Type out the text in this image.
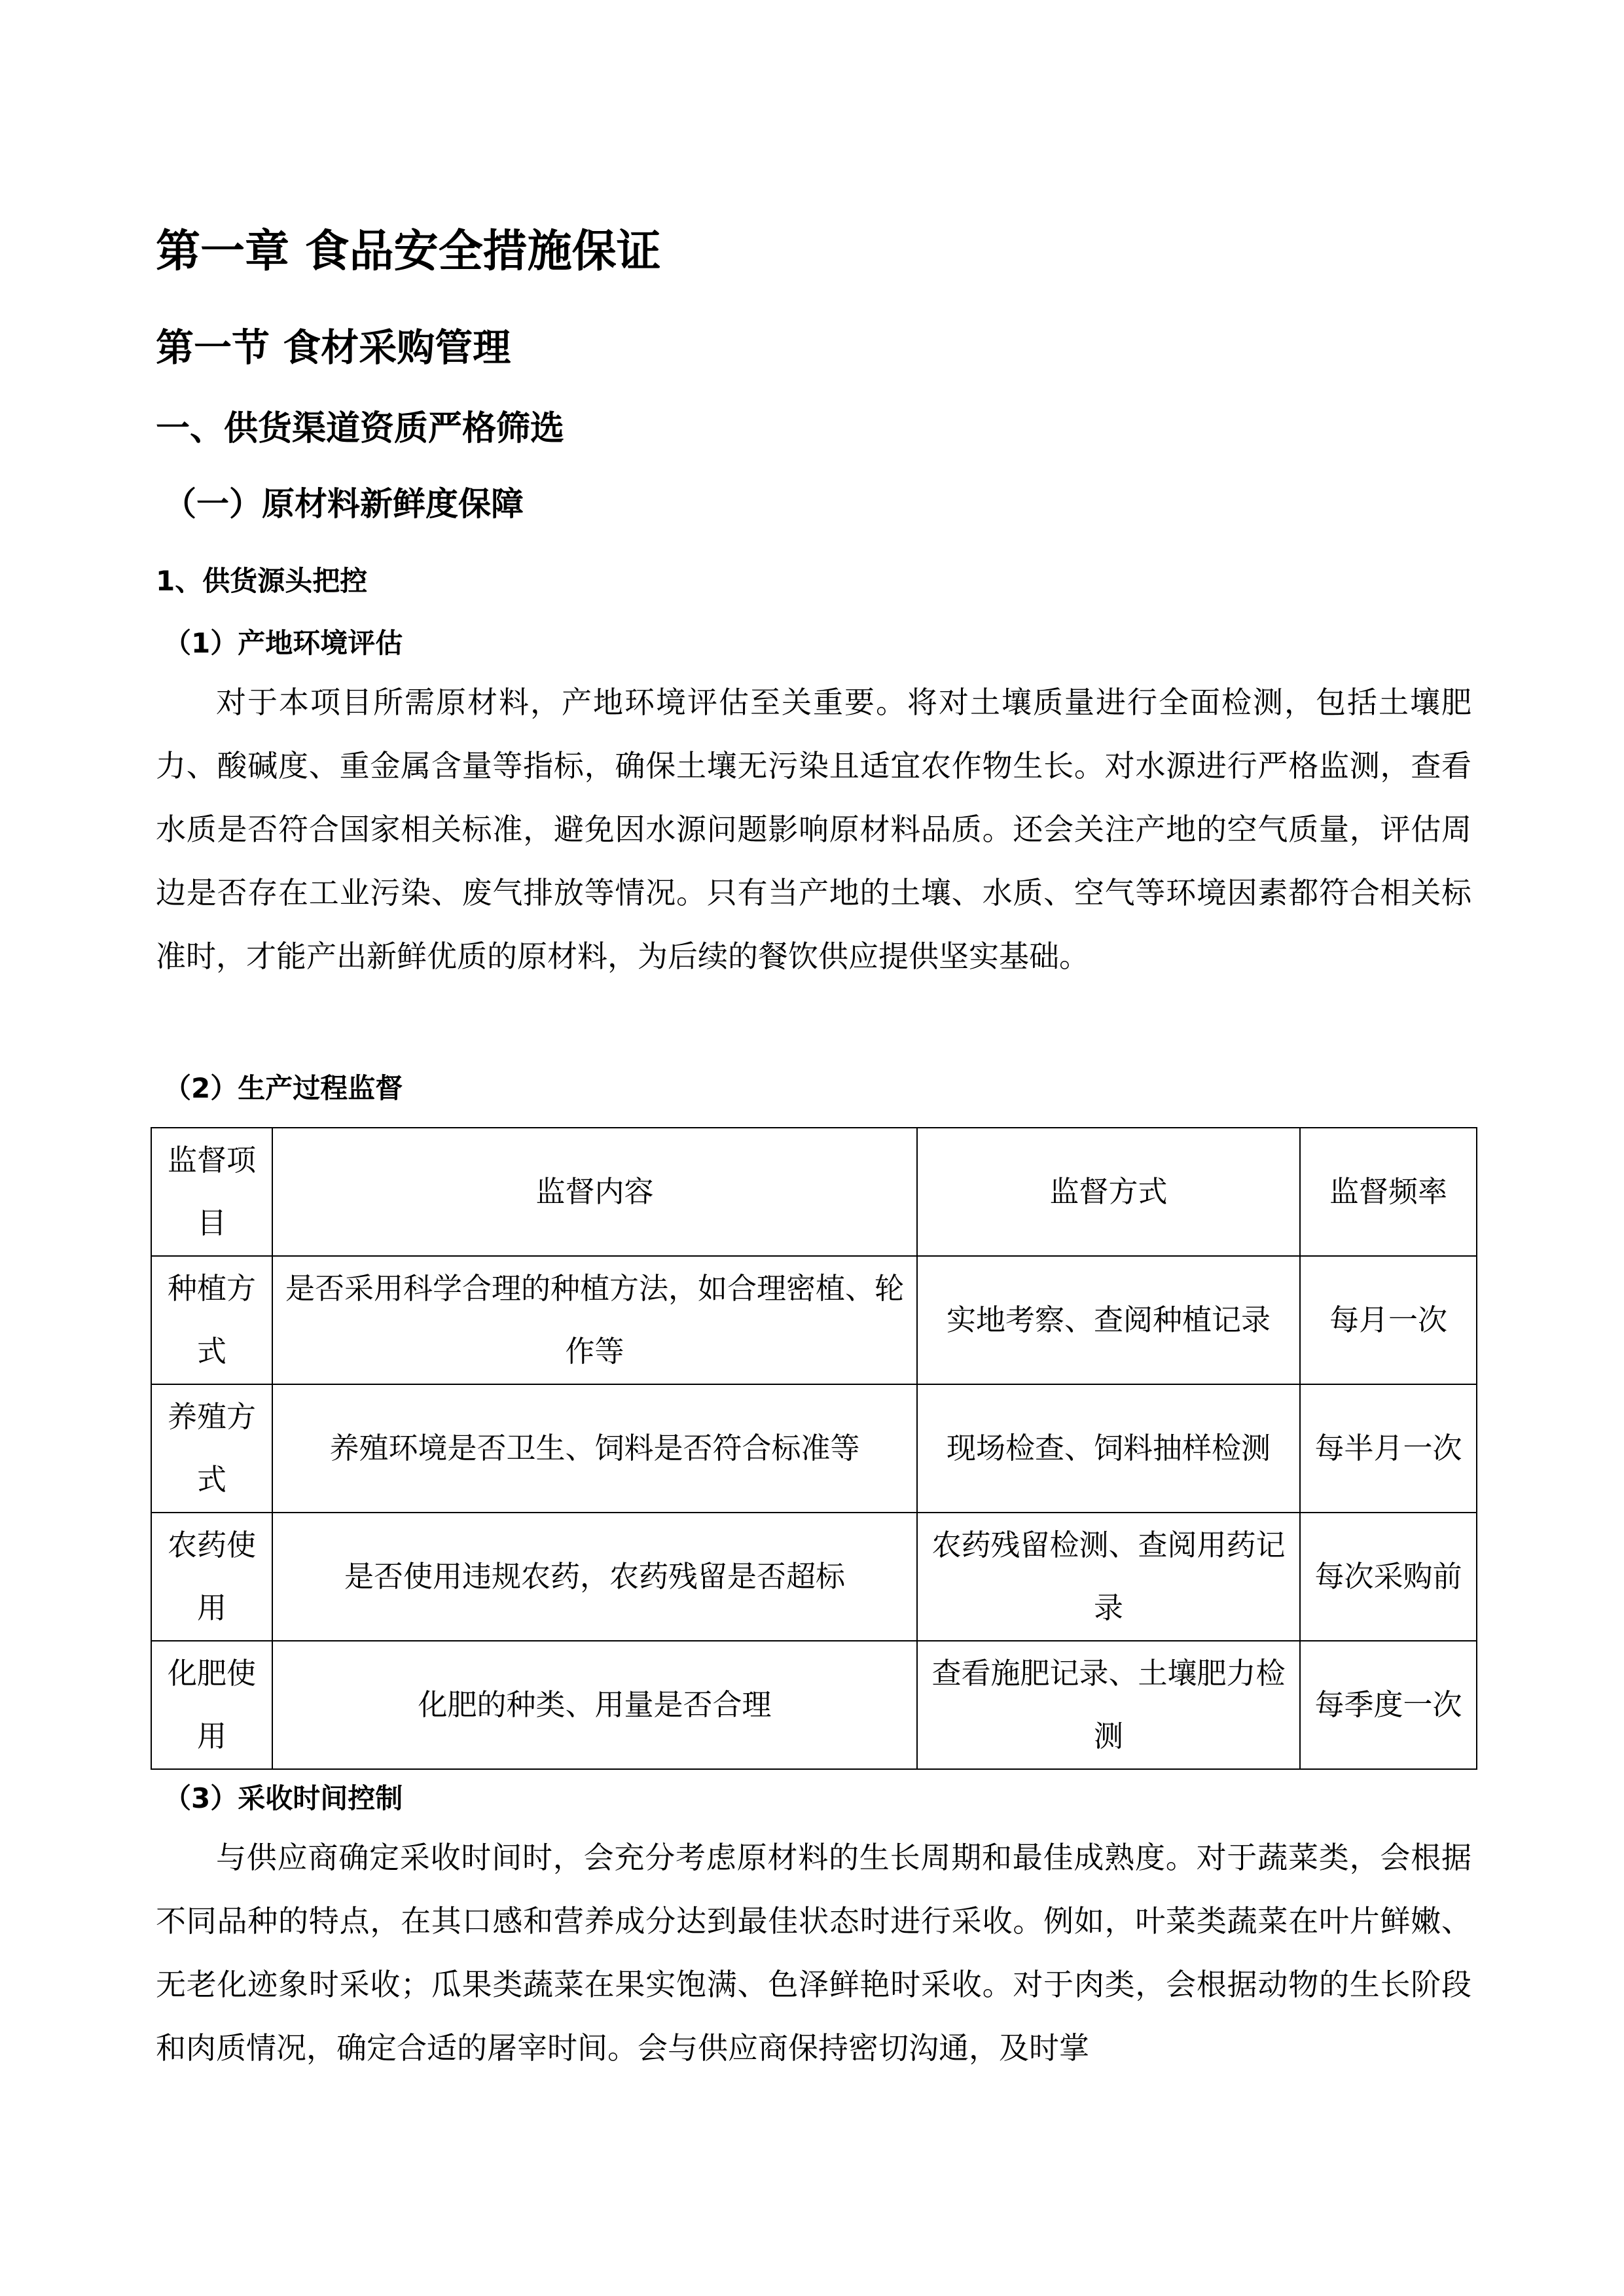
第一章 食品安全措施保证
第一节 食材采购管理
一、供货渠道资质严格筛选
（一）原材料新鲜度保障
1、供货源头把控
（1）产地环境评估

对于本项目所需原材料，产地环境评估至关重要。将对土壤质量进行全面检测，包括土壤肥力、酸碱度、重金属含量等指标，确保土壤无污染且适宜农作物生长。对水源进行严格监测，查看水质是否符合国家相关标准，避免因水源问题影响原材料品质。还会关注产地的空气质量，评估周边是否存在工业污染、废气排放等情况。只有当产地的土壤、水质、空气等环境因素都符合相关标准时，才能产出新鲜优质的原材料，为后续的餐饮供应提供坚实基础。

（2）生产过程监督
监督项目	监督内容	监督方式	监督频率
种植方式	是否采用科学合理的种植方法，如合理密植、轮作等	实地考察、查阅种植记录	每月一次
养殖方式	养殖环境是否卫生、饲料是否符合标准等	现场检查、饲料抽样检测	每半月一次
农药使用	是否使用违规农药，农药残留是否超标	农药残留检测、查阅用药记录	每次采购前
化肥使用	化肥的种类、用量是否合理	查看施肥记录、土壤肥力检测	每季度一次
（3）采收时间控制

与供应商确定采收时间时，会充分考虑原材料的生长周期和最佳成熟度。对于蔬菜类，会根据不同品种的特点，在其口感和营养成分达到最佳状态时进行采收。例如，叶菜类蔬菜在叶片鲜嫩、无老化迹象时采收；瓜果类蔬菜在果实饱满、色泽鲜艳时采收。对于肉类，会根据动物的生长阶段和肉质情况，确定合适的屠宰时间。会与供应商保持密切沟通，及时掌
